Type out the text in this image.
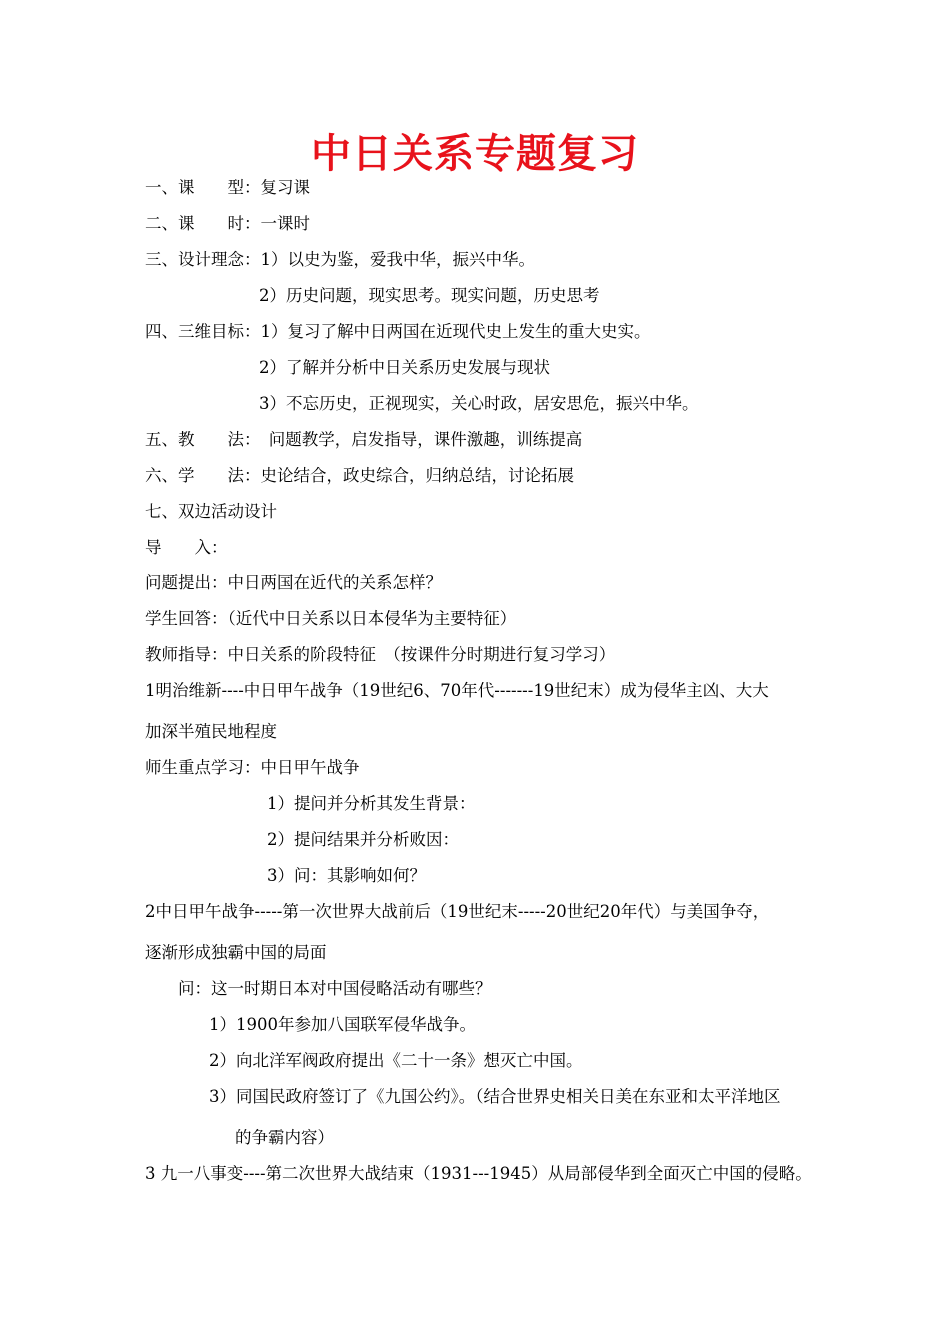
中日关系专题复习
一、课　　型：复习课
二、课　　时：一课时
三、设计理念：1）以史为鉴，爱我中华，振兴中华。
2）历史问题，现实思考。现实问题，历史思考
四、三维目标：1）复习了解中日两国在近现代史上发生的重大史实。
2）了解并分析中日关系历史发展与现状
3）不忘历史，正视现实，关心时政，居安思危，振兴中华。
五、教　　法：　问题教学，启发指导，课件激趣，训练提高
六、学　　法：史论结合，政史综合，归纳总结，讨论拓展
七、双边活动设计
导　　入：
问题提出：中日两国在近代的关系怎样？
学生回答：（近代中日关系以日本侵华为主要特征）
教师指导：中日关系的阶段特征　（按课件分时期进行复习学习）
1明治维新----中日甲午战争（19世纪6、70年代-------19世纪末）成为侵华主凶、大大
加深半殖民地程度
师生重点学习：中日甲午战争
1）提问并分析其发生背景：
2）提问结果并分析败因：
3）问：其影响如何？
2中日甲午战争-----第一次世界大战前后（19世纪末-----20世纪20年代）与美国争夺，
逐渐形成独霸中国的局面
问：这一时期日本对中国侵略活动有哪些？
1）1900年参加八国联军侵华战争。
2）向北洋军阀政府提出《二十一条》想灭亡中国。
3）同国民政府签订了《九国公约》。（结合世界史相关日美在东亚和太平洋地区
的争霸内容）
3 九一八事变----第二次世界大战结束（1931---1945）从局部侵华到全面灭亡中国的侵略。
